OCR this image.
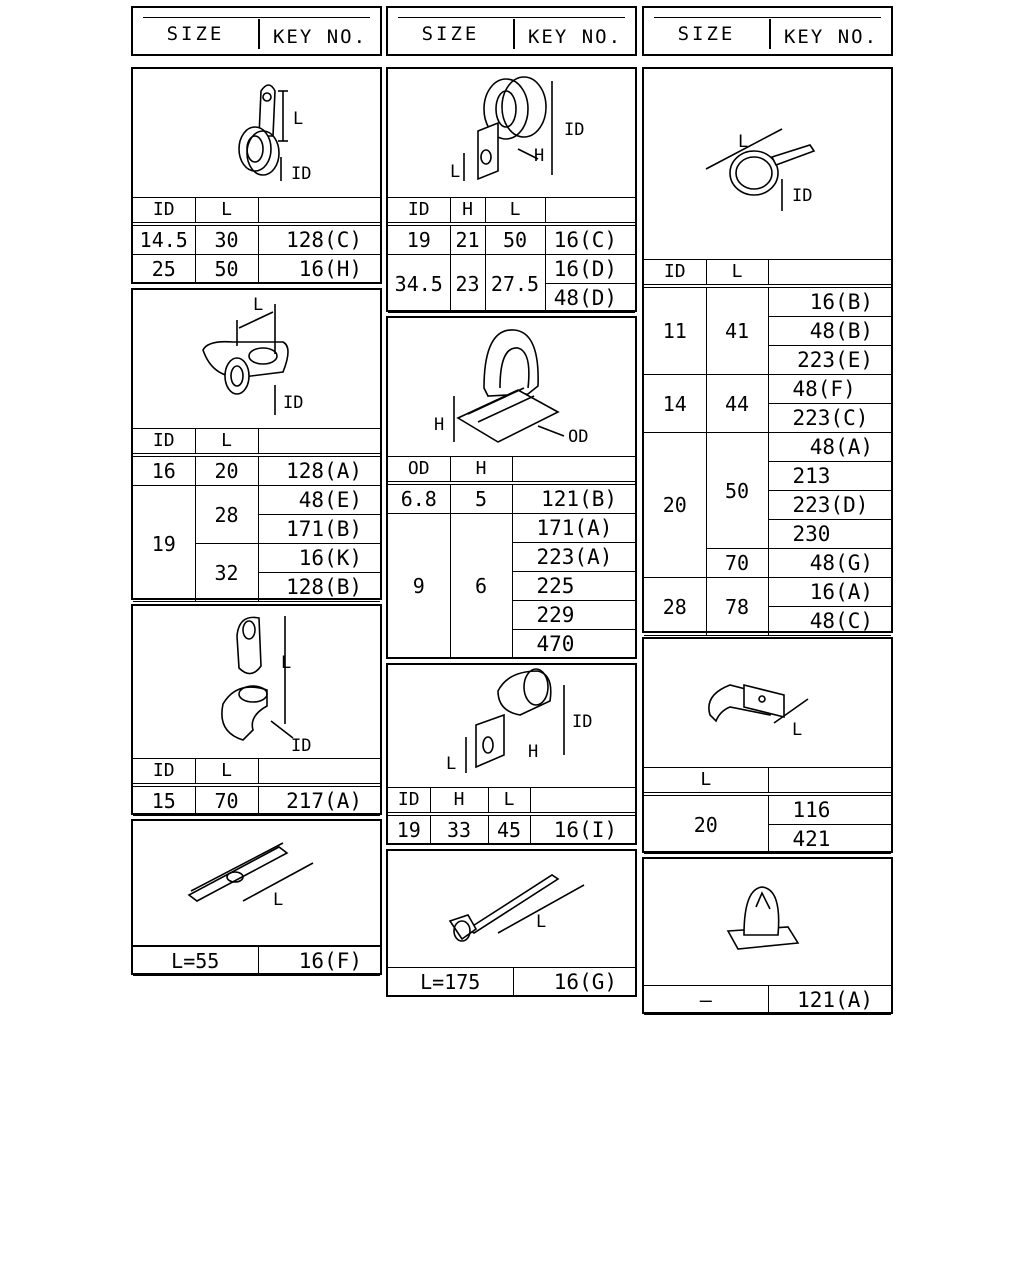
SIZE	KEY NO.	SIZE	KEY NO.	SIZE	KEY NO.
L
ID
ID	L	
14.5	30	128(C)
25	50	16(H)
L
ID
ID	L	
16	20	128(A)
19	28	48(E)
		171(B)
	32	16(K)
		128(B)
L
ID
ID	L	
15	70	217(A)
L
L=55	16(F)
ID
H
L
ID	H	L	
19	21	50	16(C)
34.5	23	27.5	16(D)
			48(D)
H
OD
OD	H	
6.8	5	121(B)
9	6	171(A)
		223(A)
		225
		229
		470
ID
H
L
ID	H	L	
19	33	45	16(I)
L
L=175	16(G)
L
ID
ID	L	
11	41	16(B)
		48(B)
		223(E)
14	44	48(F)
		223(C)
20	50	48(A)
		213
		223(D)
		230
	70	48(G)
28	78	16(A)
		48(C)
L
L	
20	116
	421
—	121(A)
